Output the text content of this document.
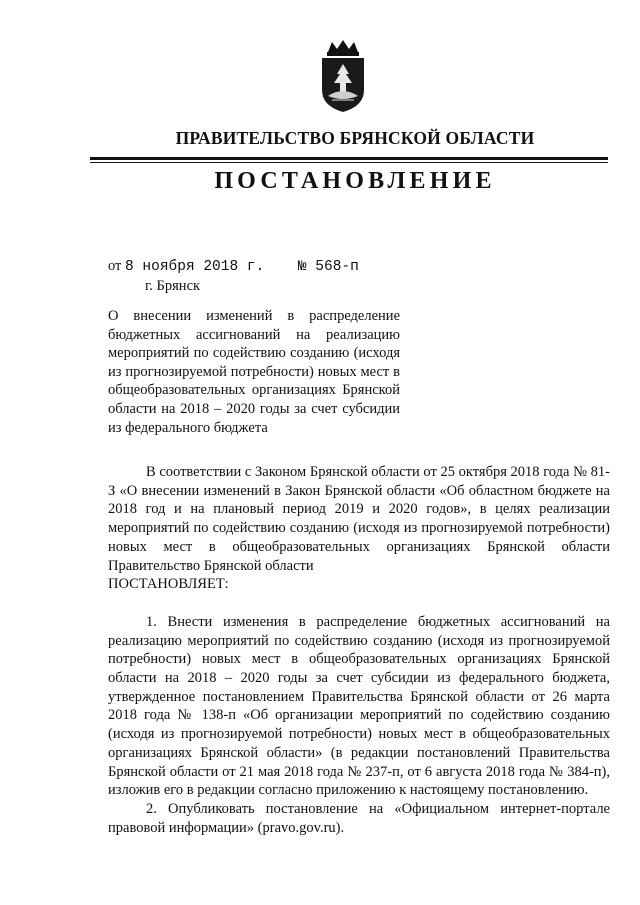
ПРАВИТЕЛЬСТВО БРЯНСКОЙ ОБЛАСТИ
ПОСТАНОВЛЕНИЕ
от 8 ноября 2018 г. № 568-п
г. Брянск
О внесении изменений в распределение бюджетных ассигнований на реализацию мероприятий по содействию созданию (исходя из прогнозируемой потребности) новых мест в общеобразовательных организациях Брянской области на 2018 – 2020 годы за счет субсидии из федерального бюджета

В соответствии с Законом Брянской области от 25 октября 2018 года № 81-З «О внесении изменений в Закон Брянской области «Об областном бюджете на 2018 год и на плановый период 2019 и 2020 годов», в целях реализации мероприятий по содействию созданию (исходя из прогнозируемой потребности) новых мест в общеобразовательных организациях Брянской области Правительство Брянской области

ПОСТАНОВЛЯЕТ:

1. Внести изменения в распределение бюджетных ассигнований на реализацию мероприятий по содействию созданию (исходя из прогнозируемой потребности) новых мест в общеобразовательных организациях Брянской области на 2018 – 2020 годы за счет субсидии из федерального бюджета, утвержденное постановлением Правительства Брянской области от 26 марта 2018 года № 138-п «Об организации мероприятий по содействию созданию (исходя из прогнозируемой потребности) новых мест в общеобразовательных организациях Брянской области» (в редакции постановлений Правительства Брянской области от 21 мая 2018 года № 237-п, от 6 августа 2018 года № 384-п), изложив его в редакции согласно приложению к настоящему постановлению.

2. Опубликовать постановление на «Официальном интернет-портале правовой информации» (pravo.gov.ru).
